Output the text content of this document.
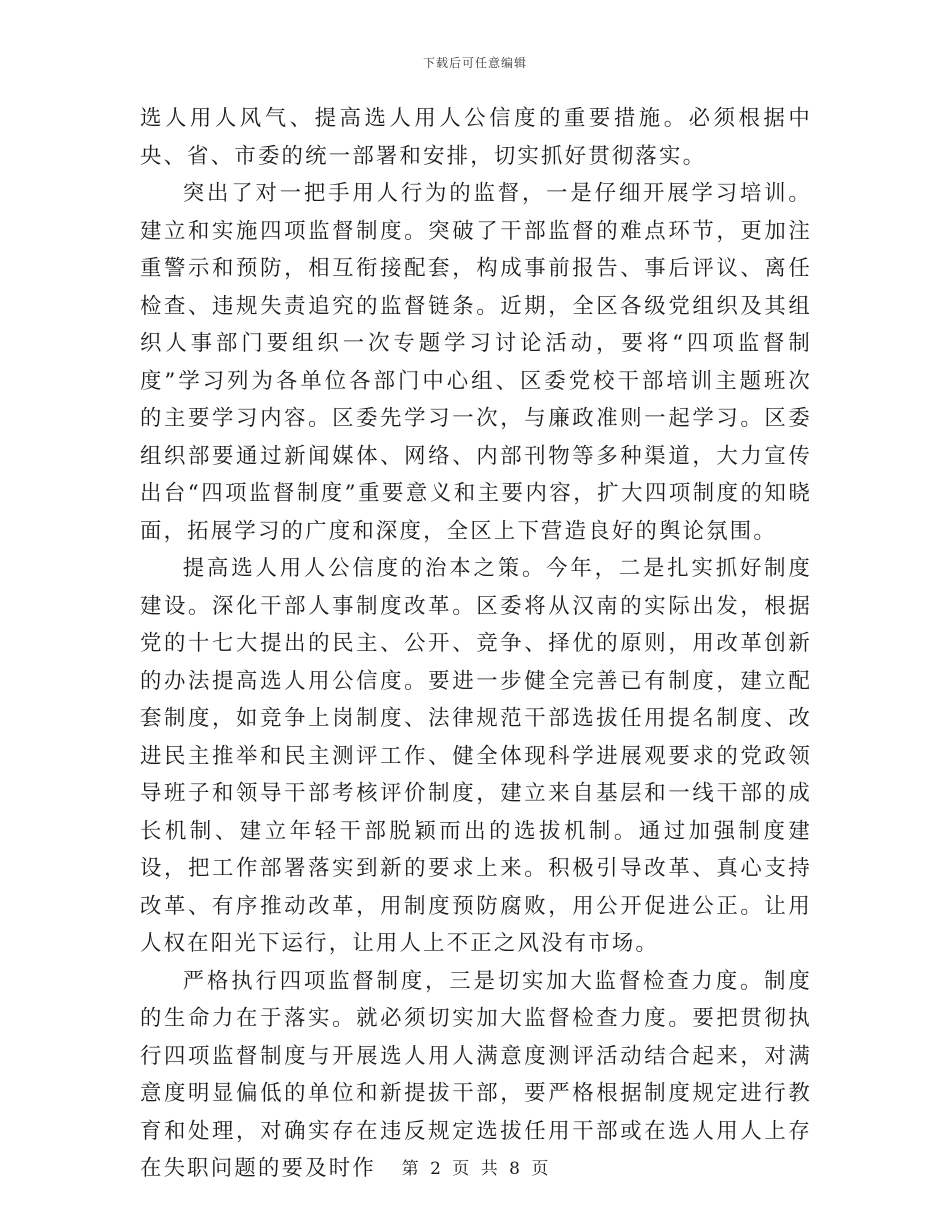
下载后可任意编辑

选人用人风气、提高选人用人公信度的重要措施。必须根据中央、省、市委的统一部署和安排，切实抓好贯彻落实。

突出了对一把手用人行为的监督，一是仔细开展学习培训。建立和实施四项监督制度。突破了干部监督的难点环节，更加注重警示和预防，相互衔接配套，构成事前报告、事后评议、离任检查、违规失责追究的监督链条。近期，全区各级党组织及其组织人事部门要组织一次专题学习讨论活动，要将“四项监督制度”学习列为各单位各部门中心组、区委党校干部培训主题班次的主要学习内容。区委先学习一次，与廉政准则一起学习。区委组织部要通过新闻媒体、网络、内部刊物等多种渠道，大力宣传出台“四项监督制度”重要意义和主要内容，扩大四项制度的知晓面，拓展学习的广度和深度，全区上下营造良好的舆论氛围。

提高选人用人公信度的治本之策。今年，二是扎实抓好制度建设。深化干部人事制度改革。区委将从汉南的实际出发，根据党的十七大提出的民主、公开、竞争、择优的原则，用改革创新的办法提高选人用公信度。要进一步健全完善已有制度，建立配套制度，如竞争上岗制度、法律规范干部选拔任用提名制度、改进民主推举和民主测评工作、健全体现科学进展观要求的党政领导班子和领导干部考核评价制度，建立来自基层和一线干部的成长机制、建立年轻干部脱颖而出的选拔机制。通过加强制度建设，把工作部署落实到新的要求上来。积极引导改革、真心支持改革、有序推动改革，用制度预防腐败，用公开促进公正。让用人权在阳光下运行，让用人上不正之风没有市场。

严格执行四项监督制度，三是切实加大监督检查力度。制度的生命力在于落实。就必须切实加大监督检查力度。要把贯彻执行四项监督制度与开展选人用人满意度测评活动结合起来，对满意度明显偏低的单位和新提拔干部，要严格根据制度规定进行教育和处理，对确实存在违反规定选拔任用干部或在选人用人上存在失职问题的要及时作	第 2 页 共 8 页
